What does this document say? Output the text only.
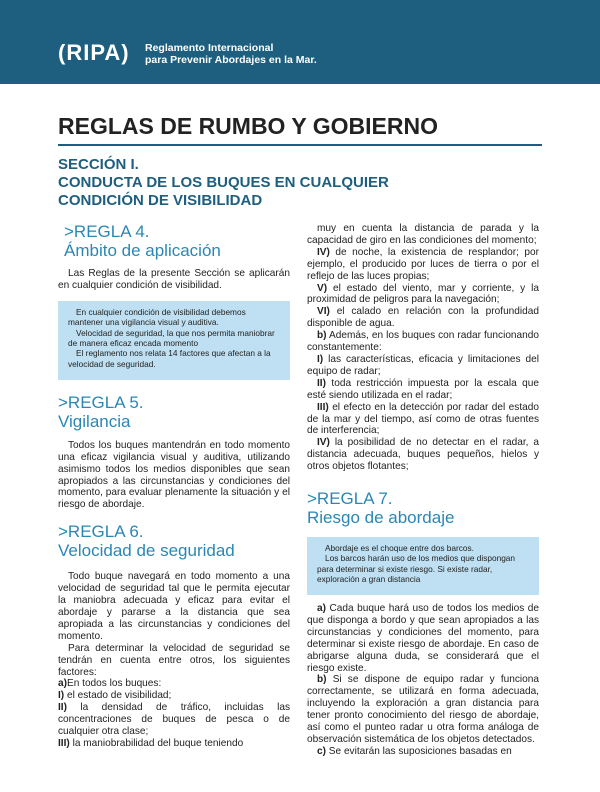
(RIPA) Reglamento Internacional
para Prevenir Abordajes en la Mar.
REGLAS DE RUMBO Y GOBIERNO
SECCIÓN I.
CONDUCTA DE LOS BUQUES EN CUALQUIER
CONDICIÓN DE VISIBILIDAD
>REGLA 4.
Ámbito de aplicación

Las Reglas de la presente Sección se aplicarán en cualquier condición de visibilidad.

En cualquier condición de visibilidad debemos mantener una vigilancia visual y auditiva.

Velocidad de seguridad, la que nos permita maniobrar de manera eficaz encada momento

El reglamento nos relata 14 factores que afectan a la velocidad de seguridad.

>REGLA 5.
Vigilancia

Todos los buques mantendrán en todo momento una eficaz vigilancia visual y auditiva, utilizando asimismo todos los medios disponibles que sean apropiados a las circunstancias y condiciones del momento, para evaluar plenamente la situación y el riesgo de abordaje.

>REGLA 6.
Velocidad de seguridad

Todo buque navegará en todo momento a una velocidad de seguridad tal que le permita ejecutar la maniobra adecuada y eficaz para evitar el abordaje y pararse a la distancia que sea apropiada a las circunstancias y condiciones del momento.

Para determinar la velocidad de seguridad se tendrán en cuenta entre otros, los siguientes factores:

a)En todos los buques:

I) el estado de visibilidad;

II) la densidad de tráfico, incluidas las concentraciones de buques de pesca o de cualquier otra clase;

III) la maniobrabilidad del buque teniendo

muy en cuenta la distancia de parada y la capacidad de giro en las condiciones del momento;

IV) de noche, la existencia de resplandor; por ejemplo, el producido por luces de tierra o por el reflejo de las luces propias;

V) el estado del viento, mar y corriente, y la proximidad de peligros para la navegación;

VI) el calado en relación con la profundidad disponible de agua.

b) Además, en los buques con radar funcionando constantemente:

I) las características, eficacia y limitaciones del equipo de radar;

II) toda restricción impuesta por la escala que esté siendo utilizada en el radar;

III) el efecto en la detección por radar del estado de la mar y del tiempo, así como de otras fuentes de interferencia;

IV) la posibilidad de no detectar en el radar, a distancia adecuada, buques pequeños, hielos y otros objetos flotantes;

>REGLA 7.
Riesgo de abordaje

Abordaje es el choque entre dos barcos.

Los barcos harán uso de los medios que dispongan para determinar si existe riesgo. Si existe radar, exploración a gran distancia

a) Cada buque hará uso de todos los medios de que disponga a bordo y que sean apropiados a las circunstancias y condiciones del momento, para determinar si existe riesgo de abordaje. En caso de abrigarse alguna duda, se considerará que el riesgo existe.

b) Si se dispone de equipo radar y funciona correctamente, se utilizará en forma adecuada, incluyendo la exploración a gran distancia para tener pronto conocimiento del riesgo de abordaje, así como el punteo radar u otra forma análoga de observación sistemática de los objetos detectados.

c) Se evitarán las suposiciones basadas en
